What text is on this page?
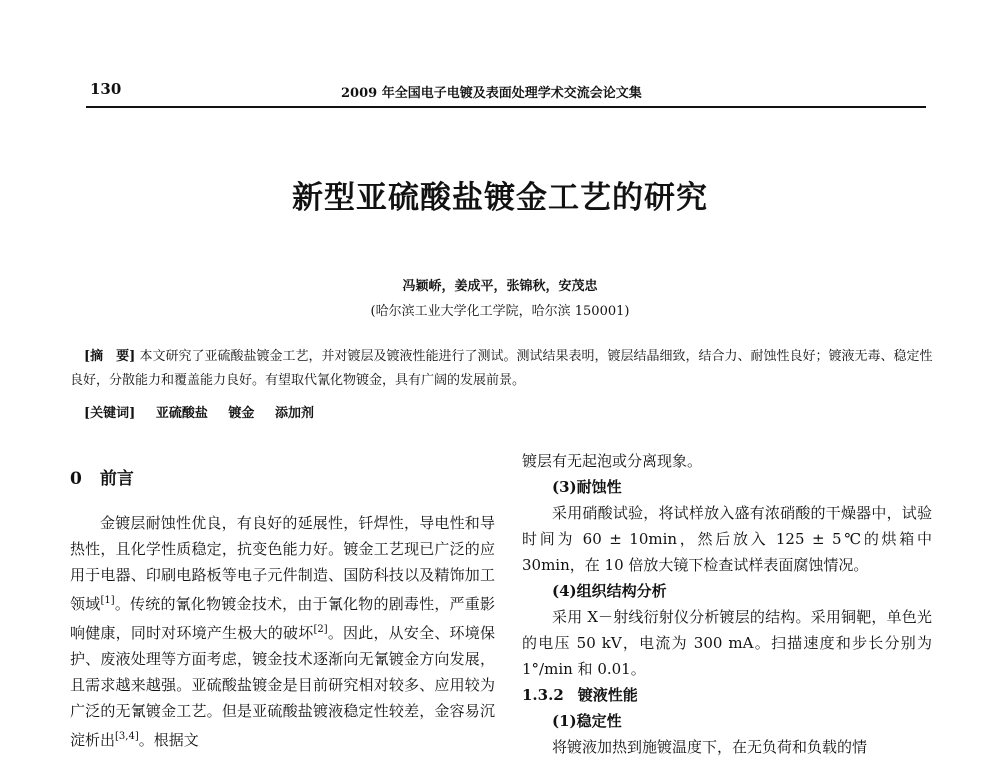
130	2009 年全国电子电镀及表面处理学术交流会论文集
新型亚硫酸盐镀金工艺的研究
冯颖峤，姜成平，张锦秋，安茂忠
(哈尔滨工业大学化工学院，哈尔滨 150001)
[摘　要] 本文研究了亚硫酸盐镀金工艺，并对镀层及镀液性能进行了测试。测试结果表明，镀层结晶细致，结合力、耐蚀性良好；镀液无毒、稳定性良好，分散能力和覆盖能力良好。有望取代氰化物镀金，具有广阔的发展前景。
[关键词] 亚硫酸盐 镀金 添加剂
0 前言

金镀层耐蚀性优良，有良好的延展性，钎焊性，导电性和导热性，且化学性质稳定，抗变色能力好。镀金工艺现已广泛的应用于电器、印刷电路板等电子元件制造、国防科技以及精饰加工领域[1]。传统的氰化物镀金技术，由于氰化物的剧毒性，严重影响健康，同时对环境产生极大的破坏[2]。因此，从安全、环境保护、废液处理等方面考虑，镀金技术逐渐向无氰镀金方向发展，且需求越来越强。亚硫酸盐镀金是目前研究相对较多、应用较为广泛的无氰镀金工艺。但是亚硫酸盐镀液稳定性较差，金容易沉淀析出[3,4]。根据文

镀层有无起泡或分离现象。

(3)耐蚀性

采用硝酸试验，将试样放入盛有浓硝酸的干燥器中，试验时间为 60 ± 10min，然后放入 125 ± 5℃的烘箱中 30min，在 10 倍放大镜下检查试样表面腐蚀情况。

(4)组织结构分析

采用 X－射线衍射仪分析镀层的结构。采用铜靶，单色光的电压 50 kV，电流为 300 mA。扫描速度和步长分别为 1°/min 和 0.01。

1.3.2 镀液性能

(1)稳定性

将镀液加热到施镀温度下，在无负荷和负载的情
